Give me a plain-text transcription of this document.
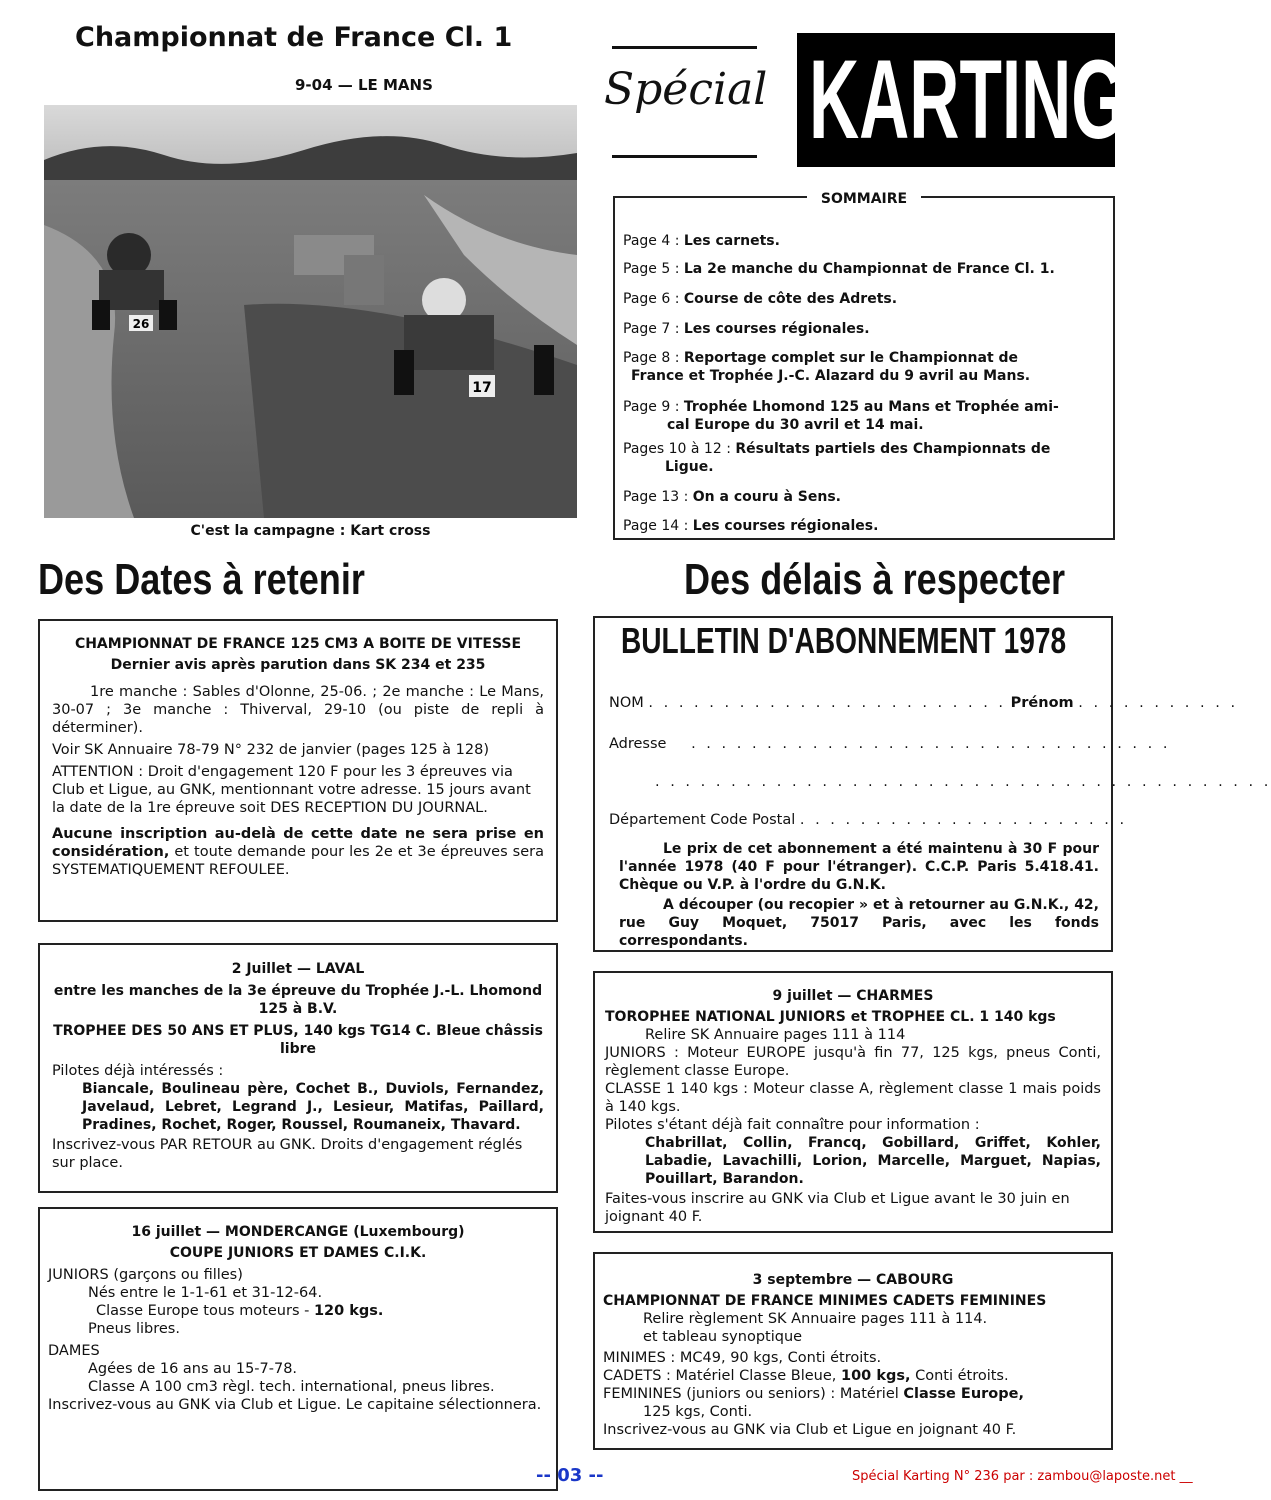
Championnat de France Cl. 1
9-04 — LE MANS
26
17
C'est la campagne : Kart cross
Spécial KARTING
SOMMAIRE
Page 4 : Les carnets.
Page 5 : La 2e manche du Championnat de France Cl. 1.
Page 6 : Course de côte des Adrets.
Page 7 : Les courses régionales.
Page 8 : Reportage complet sur le Championnat de
France et Trophée J.-C. Alazard du 9 avril au Mans.
Page 9 : Trophée Lhomond 125 au Mans et Trophée ami-
cal Europe du 30 avril et 14 mai.
Pages 10 à 12 : Résultats partiels des Championnats de
Ligue.
Page 13 : On a couru à Sens.
Page 14 : Les courses régionales.
Des Dates à retenir	Des délais à respecter
CHAMPIONNAT DE FRANCE 125 CM3 A BOITE DE VITESSE
Dernier avis après parution dans SK 234 et 235
1re manche : Sables d'Olonne, 25-06. ; 2e manche : Le Mans, 30-07 ; 3e manche : Thiverval, 29-10 (ou piste de repli à déterminer).
Voir SK Annuaire 78-79 N° 232 de janvier (pages 125 à 128)
ATTENTION : Droit d'engagement 120 F pour les 3 épreuves via Club et Ligue, au GNK, mentionnant votre adresse. 15 jours avant la date de la 1re épreuve soit DES RECEPTION DU JOURNAL.
Aucune inscription au-delà de cette date ne sera prise en considération, et toute demande pour les 2e et 3e épreuves sera SYSTEMATIQUEMENT REFOULEE.
2 Juillet — LAVAL
entre les manches de la 3e épreuve du Trophée J.-L. Lhomond 125 à B.V.
TROPHEE DES 50 ANS ET PLUS, 140 kgs TG14 C. Bleue châssis libre
Pilotes déjà intéressés :
Biancale, Boulineau père, Cochet B., Duviols, Fernandez, Javelaud, Lebret, Legrand J., Lesieur, Matifas, Paillard, Pradines, Rochet, Roger, Roussel, Roumaneix, Thavard.
Inscrivez-vous PAR RETOUR au GNK. Droits d'engagement réglés sur place.
16 juillet — MONDERCANGE (Luxembourg)
COUPE JUNIORS ET DAMES C.I.K.
JUNIORS (garçons ou filles)
Nés entre le 1-1-61 et 31-12-64.
Classe Europe tous moteurs - 120 kgs.
Pneus libres.
DAMES
Agées de 16 ans au 15-7-78.
Classe A 100 cm3 règl. tech. international, pneus libres.
Inscrivez-vous au GNK via Club et Ligue. Le capitaine sélectionnera.
BULLETIN D'ABONNEMENT 1978
NOM . . . . . . . . . . . . . . . . . . . . . . . . Prénom . . . . . . . . . . .
Adresse . . . . . . . . . . . . . . . . . . . . . . . . . . . . . . . .
. . . . . . . . . . . . . . . . . . . . . . . . . . . . . . . . . . . . . . . . .
Département Code Postal . . . . . . . . . . . . . . . . . . . . . .
Le prix de cet abonnement a été maintenu à 30 F pour l'année 1978 (40 F pour l'étranger). C.C.P. Paris 5.418.41. Chèque ou V.P. à l'ordre du G.N.K.
A découper (ou recopier » et à retourner au G.N.K., 42, rue Guy Moquet, 75017 Paris, avec les fonds correspondants.
9 juillet — CHARMES
TOROPHEE NATIONAL JUNIORS et TROPHEE CL. 1 140 kgs
Relire SK Annuaire pages 111 à 114
JUNIORS : Moteur EUROPE jusqu'à fin 77, 125 kgs, pneus Conti, règlement classe Europe.
CLASSE 1 140 kgs : Moteur classe A, règlement classe 1 mais poids à 140 kgs.
Pilotes s'étant déjà fait connaître pour information :
Chabrillat, Collin, Francq, Gobillard, Griffet, Kohler, Labadie, Lavachilli, Lorion, Marcelle, Marguet, Napias, Pouillart, Barandon.
Faites-vous inscrire au GNK via Club et Ligue avant le 30 juin en joignant 40 F.
3 septembre — CABOURG
CHAMPIONNAT DE FRANCE MINIMES CADETS FEMININES
Relire règlement SK Annuaire pages 111 à 114.
et tableau synoptique
MINIMES : MC49, 90 kgs, Conti étroits.
CADETS : Matériel Classe Bleue, 100 kgs, Conti étroits.
FEMININES (juniors ou seniors) : Matériel Classe Europe,
125 kgs, Conti.
Inscrivez-vous au GNK via Club et Ligue en joignant 40 F.
-- 03 --	Spécial Karting N° 236 par : zambou@laposte.net __
